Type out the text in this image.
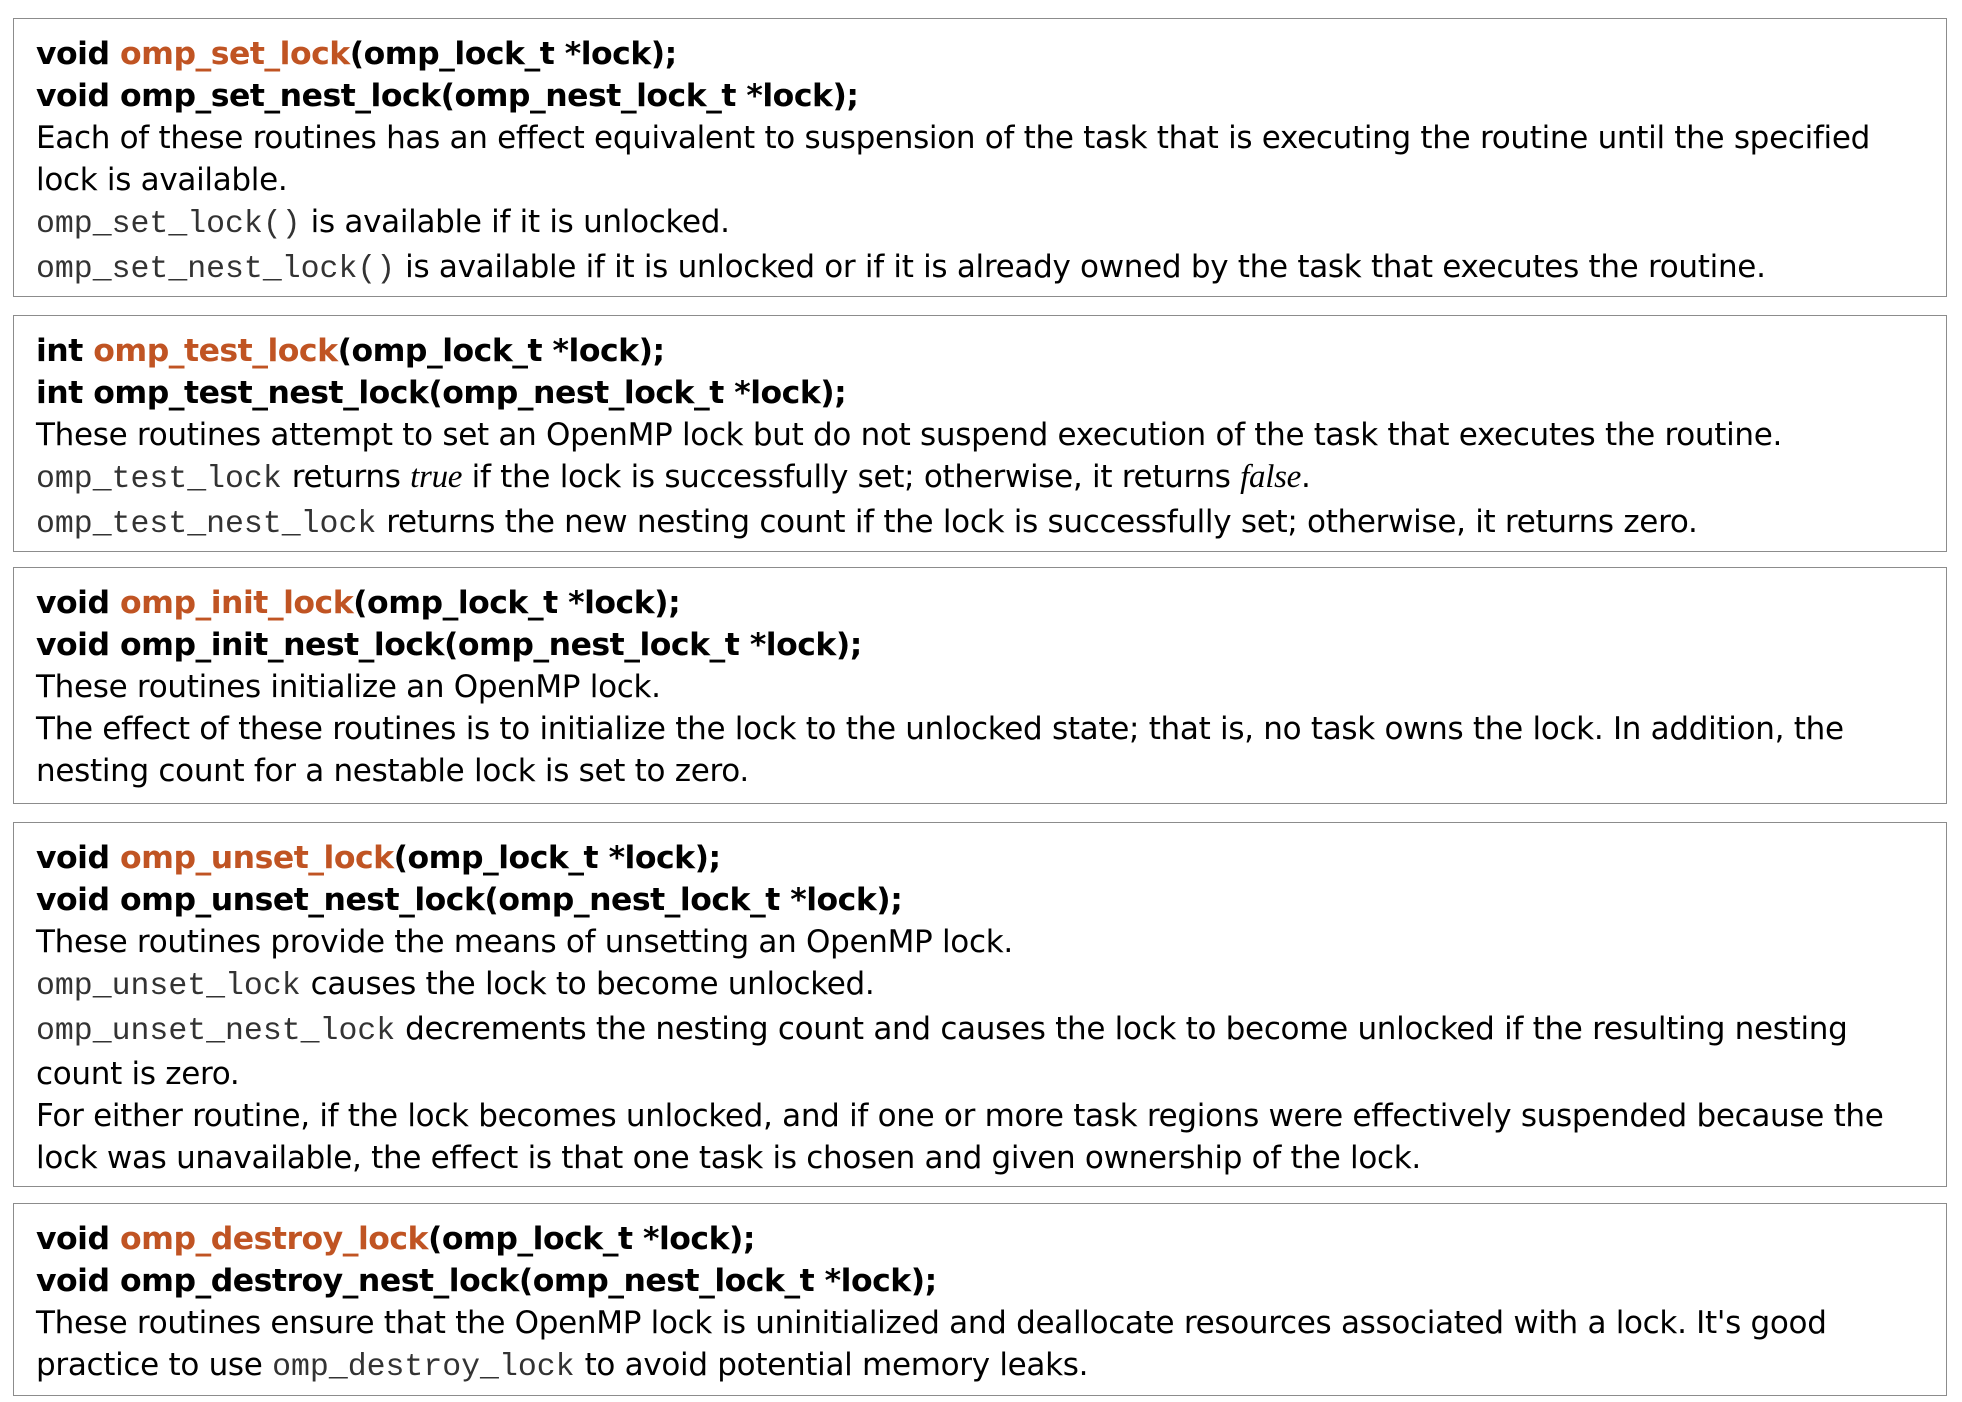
void omp_set_lock(omp_lock_t *lock);
void omp_set_nest_lock(omp_nest_lock_t *lock);
Each of these routines has an effect equivalent to suspension of the task that is executing the routine until the specified lock is available.
omp_set_lock() is available if it is unlocked.
omp_set_nest_lock() is available if it is unlocked or if it is already owned by the task that executes the routine.
int omp_test_lock(omp_lock_t *lock);
int omp_test_nest_lock(omp_nest_lock_t *lock);
These routines attempt to set an OpenMP lock but do not suspend execution of the task that executes the routine.
omp_test_lock returns true if the lock is successfully set; otherwise, it returns false.
omp_test_nest_lock returns the new nesting count if the lock is successfully set; otherwise, it returns zero.
void omp_init_lock(omp_lock_t *lock);
void omp_init_nest_lock(omp_nest_lock_t *lock);
These routines initialize an OpenMP lock.
The effect of these routines is to initialize the lock to the unlocked state; that is, no task owns the lock. In addition, the nesting count for a nestable lock is set to zero.
void omp_unset_lock(omp_lock_t *lock);
void omp_unset_nest_lock(omp_nest_lock_t *lock);
These routines provide the means of unsetting an OpenMP lock.
omp_unset_lock causes the lock to become unlocked.
omp_unset_nest_lock decrements the nesting count and causes the lock to become unlocked if the resulting nesting count is zero.
For either routine, if the lock becomes unlocked, and if one or more task regions were effectively suspended because the lock was unavailable, the effect is that one task is chosen and given ownership of the lock.
void omp_destroy_lock(omp_lock_t *lock);
void omp_destroy_nest_lock(omp_nest_lock_t *lock);
These routines ensure that the OpenMP lock is uninitialized and deallocate resources associated with a lock. It's good practice to use omp_destroy_lock to avoid potential memory leaks.
